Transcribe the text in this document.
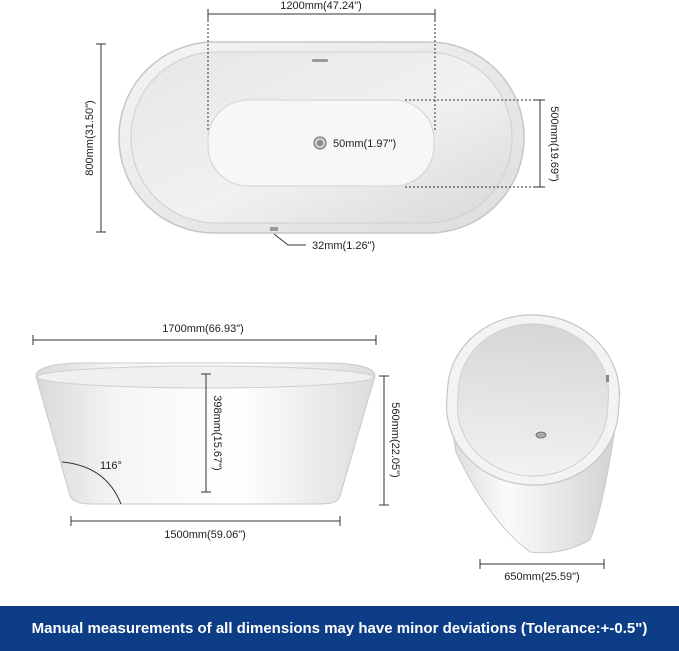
1200mm(47.24")
800mm(31.50")	500mm(19.69")
50mm(1.97")
32mm(1.26")
1700mm(66.93")
398mm(15.67")	560mm(22.05")
116°
1500mm(59.06")
650mm(25.59")
Manual measurements of all dimensions may have minor deviations (Tolerance:+-0.5")
